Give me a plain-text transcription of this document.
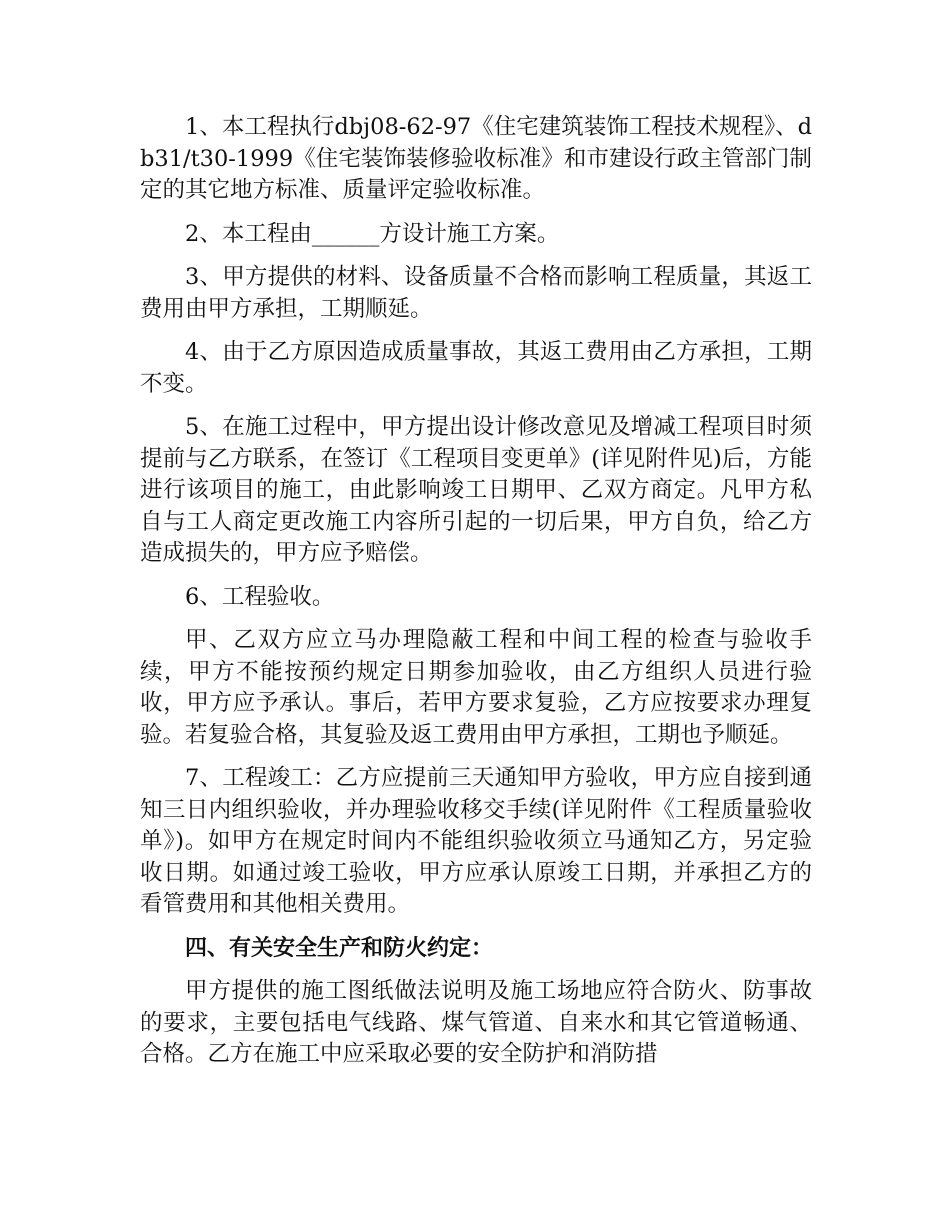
1、本工程执行dbj08-62-97《住宅建筑装饰工程技术规程》、db31/t30-1999《住宅装饰装修验收标准》和市建设行政主管部门制定的其它地方标准、质量评定验收标准。

2、本工程由______方设计施工方案。

3、甲方提供的材料、设备质量不合格而影响工程质量，其返工费用由甲方承担，工期顺延。

4、由于乙方原因造成质量事故，其返工费用由乙方承担，工期不变。

5、在施工过程中，甲方提出设计修改意见及增减工程项目时须提前与乙方联系，在签订《工程项目变更单》(详见附件见)后，方能进行该项目的施工，由此影响竣工日期甲、乙双方商定。凡甲方私自与工人商定更改施工内容所引起的一切后果，甲方自负，给乙方造成损失的，甲方应予赔偿。

6、工程验收。

甲、乙双方应立马办理隐蔽工程和中间工程的检查与验收手续，甲方不能按预约规定日期参加验收，由乙方组织人员进行验收，甲方应予承认。事后，若甲方要求复验，乙方应按要求办理复验。若复验合格，其复验及返工费用由甲方承担，工期也予顺延。

7、工程竣工：乙方应提前三天通知甲方验收，甲方应自接到通知三日内组织验收，并办理验收移交手续(详见附件《工程质量验收单》)。如甲方在规定时间内不能组织验收须立马通知乙方，另定验收日期。如通过竣工验收，甲方应承认原竣工日期，并承担乙方的看管费用和其他相关费用。

四、有关安全生产和防火约定：

甲方提供的施工图纸做法说明及施工场地应符合防火、防事故的要求，主要包括电气线路、煤气管道、自来水和其它管道畅通、合格。乙方在施工中应采取必要的安全防护和消防措
